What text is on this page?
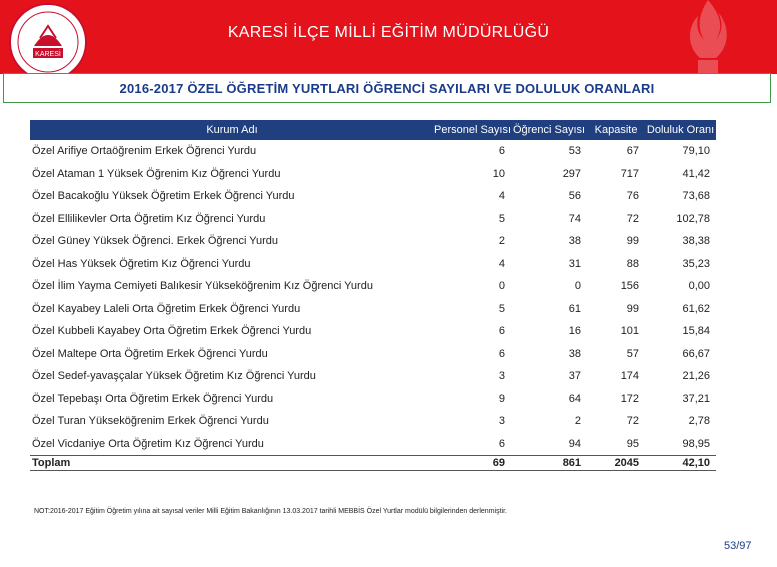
KARESİ
KARESİ İLÇE MİLLİ EĞİTİM MÜDÜRLÜĞÜ
2016-2017 ÖZEL ÖĞRETİM YURTLARI ÖĞRENCİ SAYILARI VE DOLULUK ORANLARI
Kurum Adı	Personel Sayısı	Öğrenci Sayısı	Kapasite	Doluluk Oranı
Özel Arifiye Ortaöğrenim Erkek Öğrenci Yurdu	6	53	67	79,10
Özel Ataman 1 Yüksek Öğrenim Kız Öğrenci Yurdu	10	297	717	41,42
Özel Bacakoğlu Yüksek Öğretim Erkek Öğrenci Yurdu	4	56	76	73,68
Özel Ellilikevler Orta Öğretim Kız Öğrenci Yurdu	5	74	72	102,78
Özel Güney Yüksek Öğrenci. Erkek Öğrenci Yurdu	2	38	99	38,38
Özel Has Yüksek Öğretim Kız Öğrenci Yurdu	4	31	88	35,23
Özel İlim Yayma Cemiyeti Balıkesir Yükseköğrenim Kız Öğrenci Yurdu	0	0	156	0,00
Özel Kayabey Laleli Orta Öğretim Erkek Öğrenci Yurdu	5	61	99	61,62
Özel Kubbeli Kayabey Orta Öğretim Erkek Öğrenci Yurdu	6	16	101	15,84
Özel Maltepe Orta Öğretim Erkek Öğrenci Yurdu	6	38	57	66,67
Özel Sedef-yavaşçalar Yüksek Öğretim Kız Öğrenci Yurdu	3	37	174	21,26
Özel Tepebaşı Orta Öğretim Erkek Öğrenci Yurdu	9	64	172	37,21
Özel Turan Yükseköğrenim Erkek Öğrenci Yurdu	3	2	72	2,78
Özel Vicdaniye Orta Öğretim Kız Öğrenci Yurdu	6	94	95	98,95
Toplam	69	861	2045	42,10
NOT:2016-2017 Eğitim Öğretim yılına ait sayısal veriler Milli Eğitim Bakanlığının 13.03.2017 tarihli MEBBİS Özel Yurtlar modülü bilgilerinden derlenmiştir.
53/97
